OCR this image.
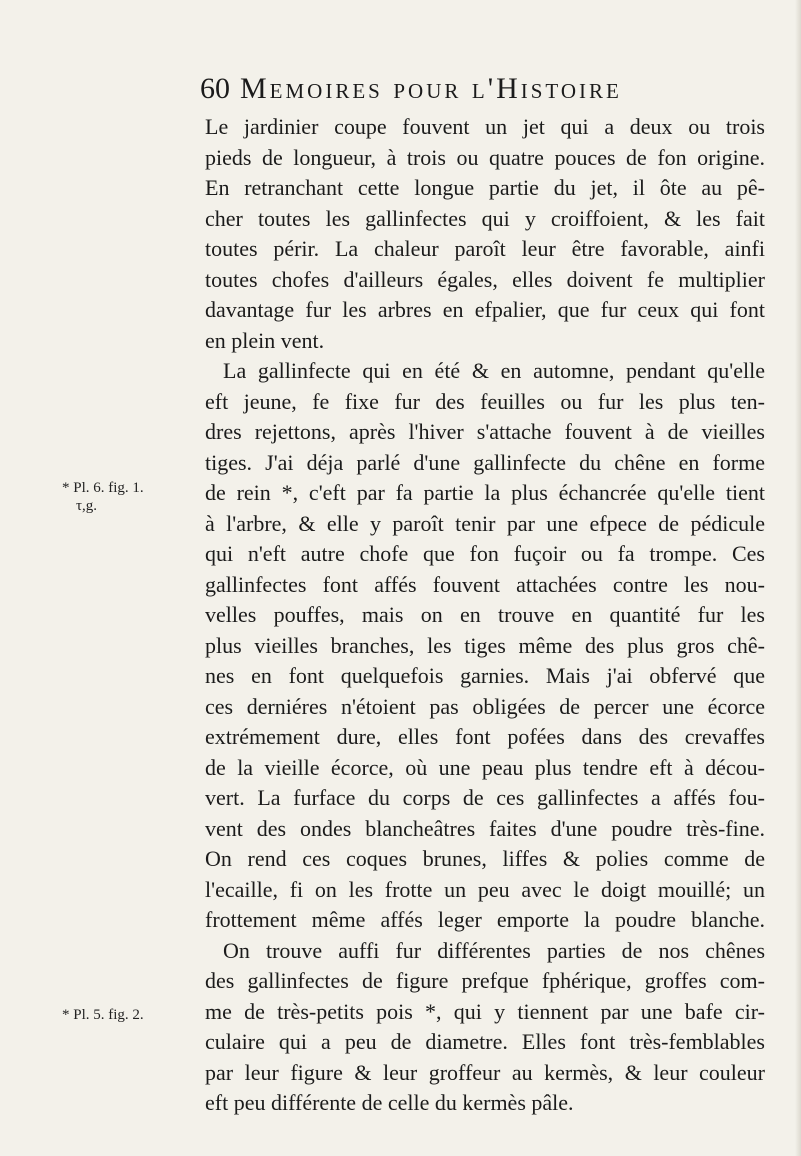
60 Memoires pour l'Histoire
* Pl. 6. fig. 1.
τ,g.
* Pl. 5. fig. 2.
Le jardinier coupe fouvent un jet qui a deux ou trois
pieds de longueur, à trois ou quatre pouces de fon origine.
En retranchant cette longue partie du jet, il ôte au pê-
cher toutes les gallinfectes qui y croiffoient, & les fait
toutes périr. La chaleur paroît leur être favorable, ainfi
toutes chofes d'ailleurs égales, elles doivent fe multiplier
davantage fur les arbres en efpalier, que fur ceux qui font
en plein vent.
La gallinfecte qui en été & en automne, pendant qu'elle
eft jeune, fe fixe fur des feuilles ou fur les plus ten-
dres rejettons, après l'hiver s'attache fouvent à de vieilles
tiges. J'ai déja parlé d'une gallinfecte du chêne en forme
de rein *, c'eft par fa partie la plus échancrée qu'elle tient
à l'arbre, & elle y paroît tenir par une efpece de pédicule
qui n'eft autre chofe que fon fuçoir ou fa trompe. Ces
gallinfectes font affés fouvent attachées contre les nou-
velles pouffes, mais on en trouve en quantité fur les
plus vieilles branches, les tiges même des plus gros chê-
nes en font quelquefois garnies. Mais j'ai obfervé que
ces derniéres n'étoient pas obligées de percer une écorce
extrémement dure, elles font pofées dans des crevaffes
de la vieille écorce, où une peau plus tendre eft à décou-
vert. La furface du corps de ces gallinfectes a affés fou-
vent des ondes blancheâtres faites d'une poudre très-fine.
On rend ces coques brunes, liffes & polies comme de
l'ecaille, fi on les frotte un peu avec le doigt mouillé; un
frottement même affés leger emporte la poudre blanche.
On trouve auffi fur différentes parties de nos chênes
des gallinfectes de figure prefque fphérique, groffes com-
me de très-petits pois *, qui y tiennent par une bafe cir-
culaire qui a peu de diametre. Elles font très-femblables
par leur figure & leur groffeur au kermès, & leur couleur
eft peu différente de celle du kermès pâle.
